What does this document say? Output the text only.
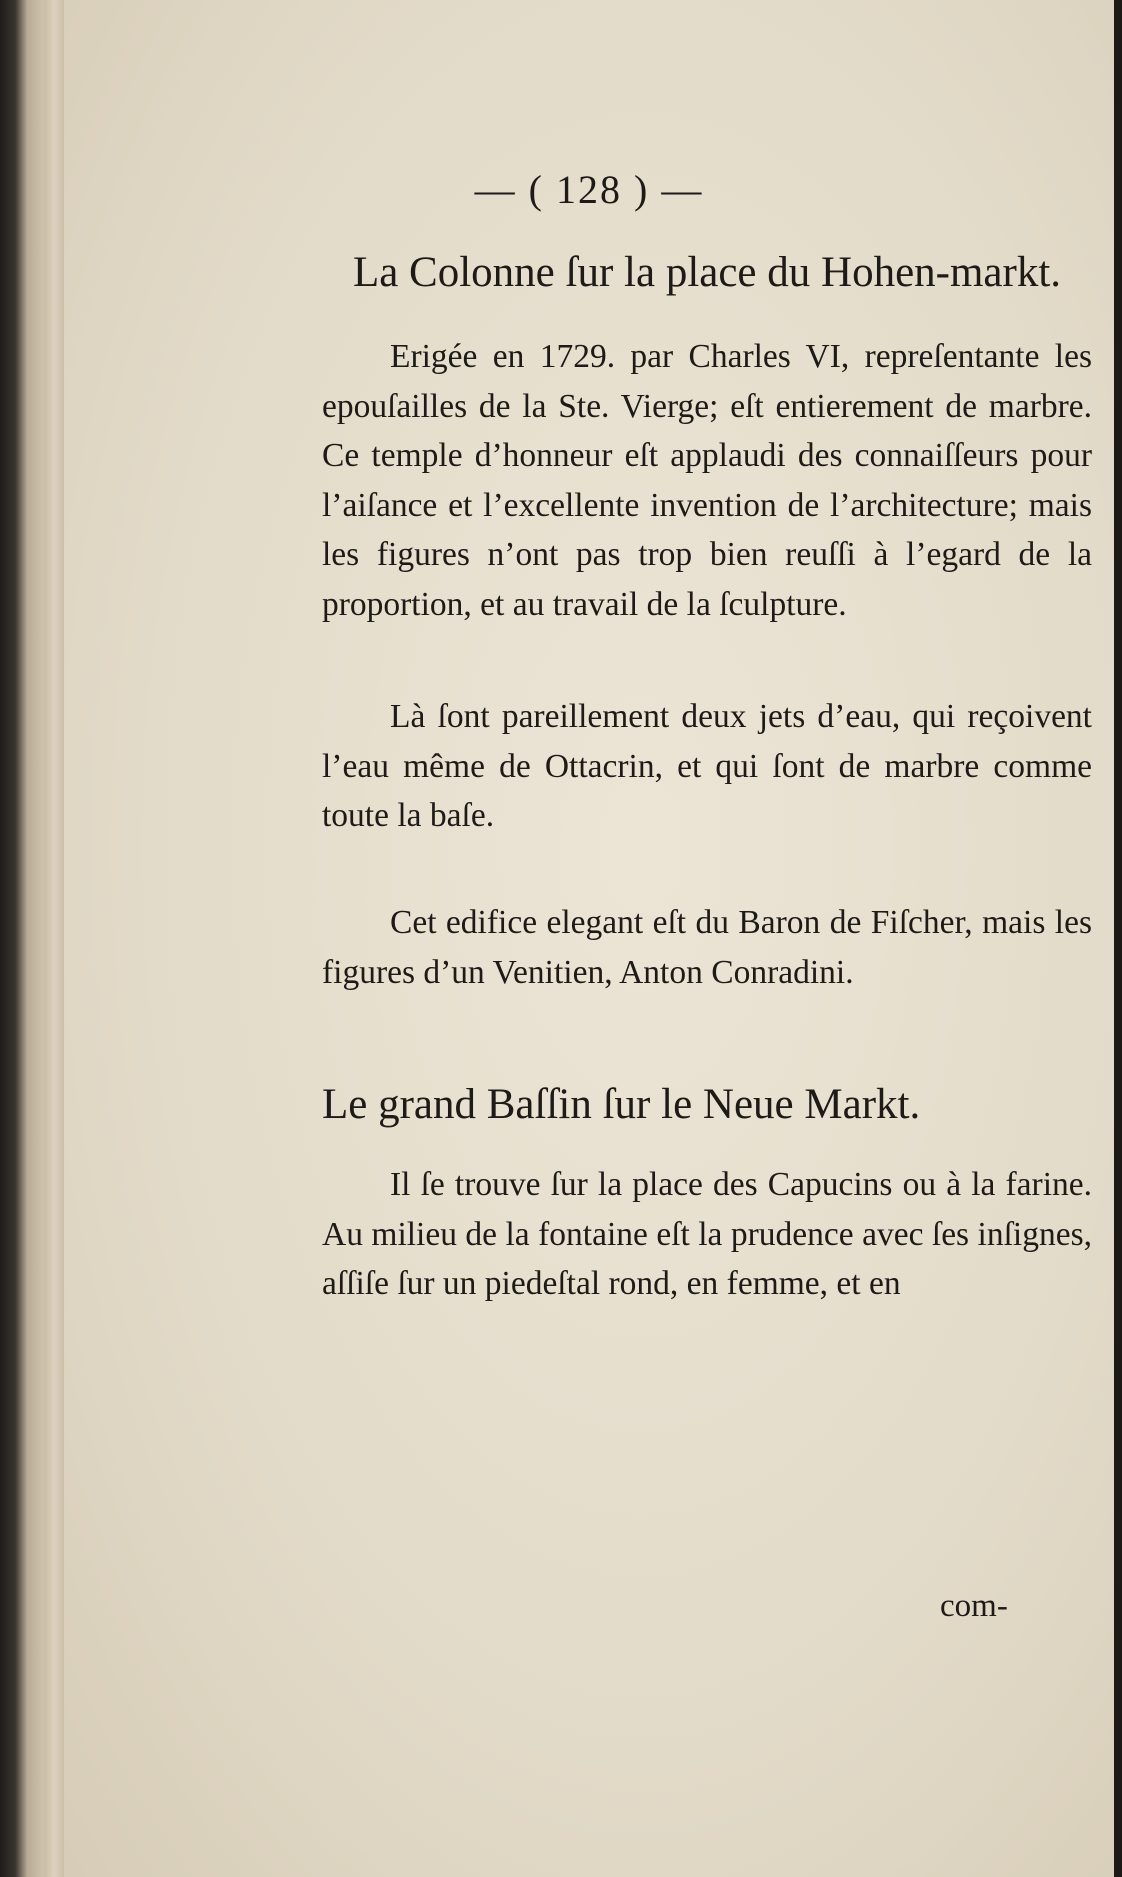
— ( 128 ) —
La Colonne ſur la place du Hohen-markt.

Erigée en 1729. par Charles VI, repreſentante les epouſailles de la Ste. Vierge; eſt entierement de marbre. Ce temple d’honneur eſt applaudi des connaiſſeurs pour l’aiſance et l’excellente invention de l’architecture; mais les figures n’ont pas trop bien reuſſi à l’egard de la proportion, et au travail de la ſculpture.

Là ſont pareillement deux jets d’eau, qui reçoivent l’eau même de Ottacrin, et qui ſont de marbre comme toute la baſe.

Cet edifice elegant eſt du Baron de Fiſcher, mais les figures d’un Venitien, Anton Conradini.

Le grand Baſſin ſur le Neue Markt.

Il ſe trouve ſur la place des Capucins ou à la farine. Au milieu de la fontaine eſt la prudence avec ſes inſignes, aſſiſe ſur un piedeſtal rond, en femme, et en

com-
